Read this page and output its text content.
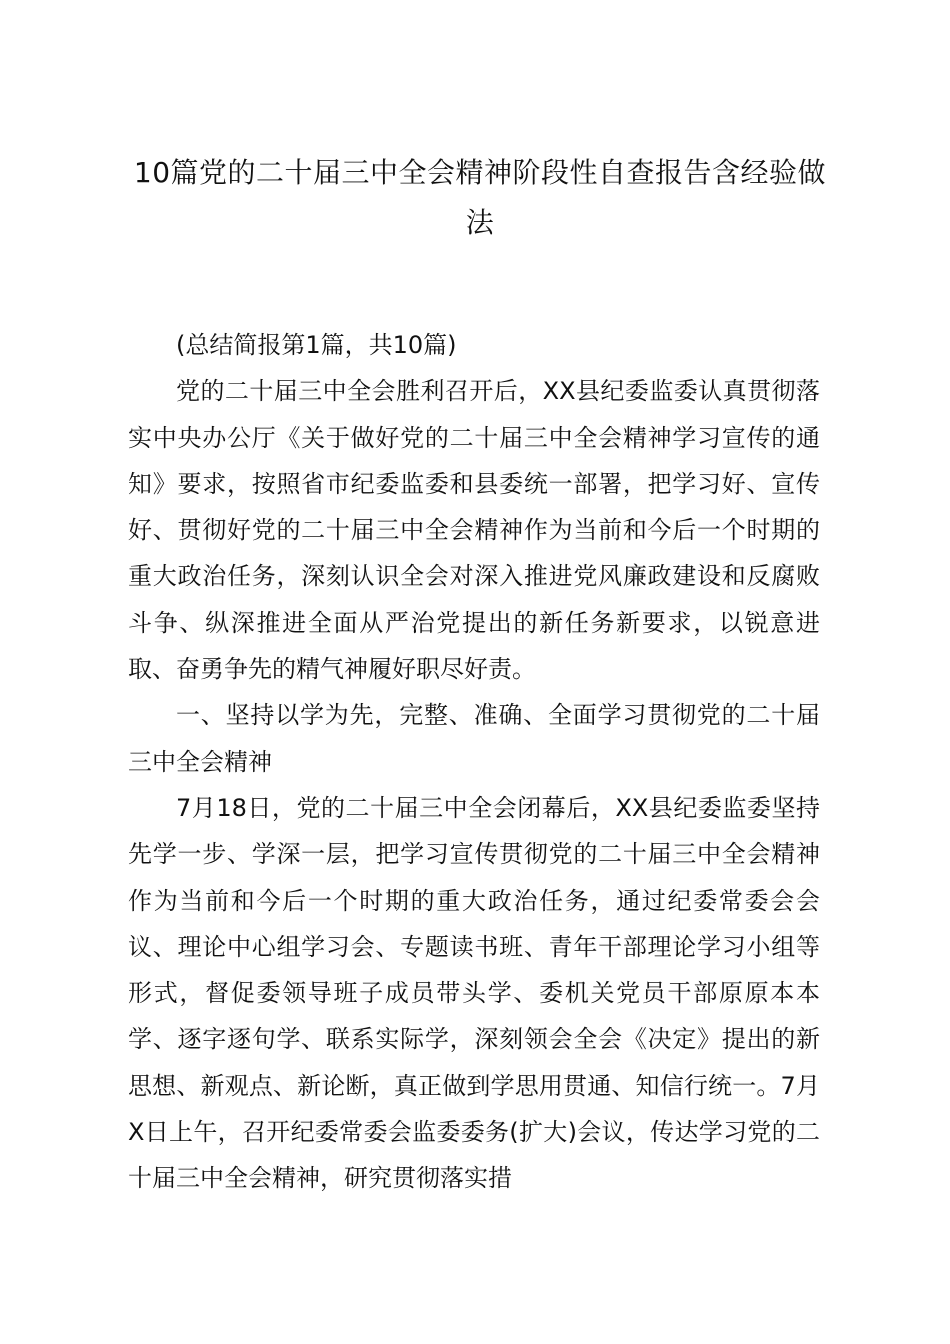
10篇党的二十届三中全会精神阶段性自查报告含经验做法

(总结简报第1篇，共10篇)

党的二十届三中全会胜利召开后，XX县纪委监委认真贯彻落实中央办公厅《关于做好党的二十届三中全会精神学习宣传的通知》要求，按照省市纪委监委和县委统一部署，把学习好、宣传好、贯彻好党的二十届三中全会精神作为当前和今后一个时期的重大政治任务，深刻认识全会对深入推进党风廉政建设和反腐败斗争、纵深推进全面从严治党提出的新任务新要求，以锐意进取、奋勇争先的精气神履好职尽好责。

一、坚持以学为先，完整、准确、全面学习贯彻党的二十届三中全会精神

7月18日，党的二十届三中全会闭幕后，XX县纪委监委坚持先学一步、学深一层，把学习宣传贯彻党的二十届三中全会精神作为当前和今后一个时期的重大政治任务，通过纪委常委会会议、理论中心组学习会、专题读书班、青年干部理论学习小组等形式，督促委领导班子成员带头学、委机关党员干部原原本本学、逐字逐句学、联系实际学，深刻领会全会《决定》提出的新思想、新观点、新论断，真正做到学思用贯通、知信行统一。7月X日上午，召开纪委常委会监委委务(扩大)会议，传达学习党的二十届三中全会精神，研究贯彻落实措
